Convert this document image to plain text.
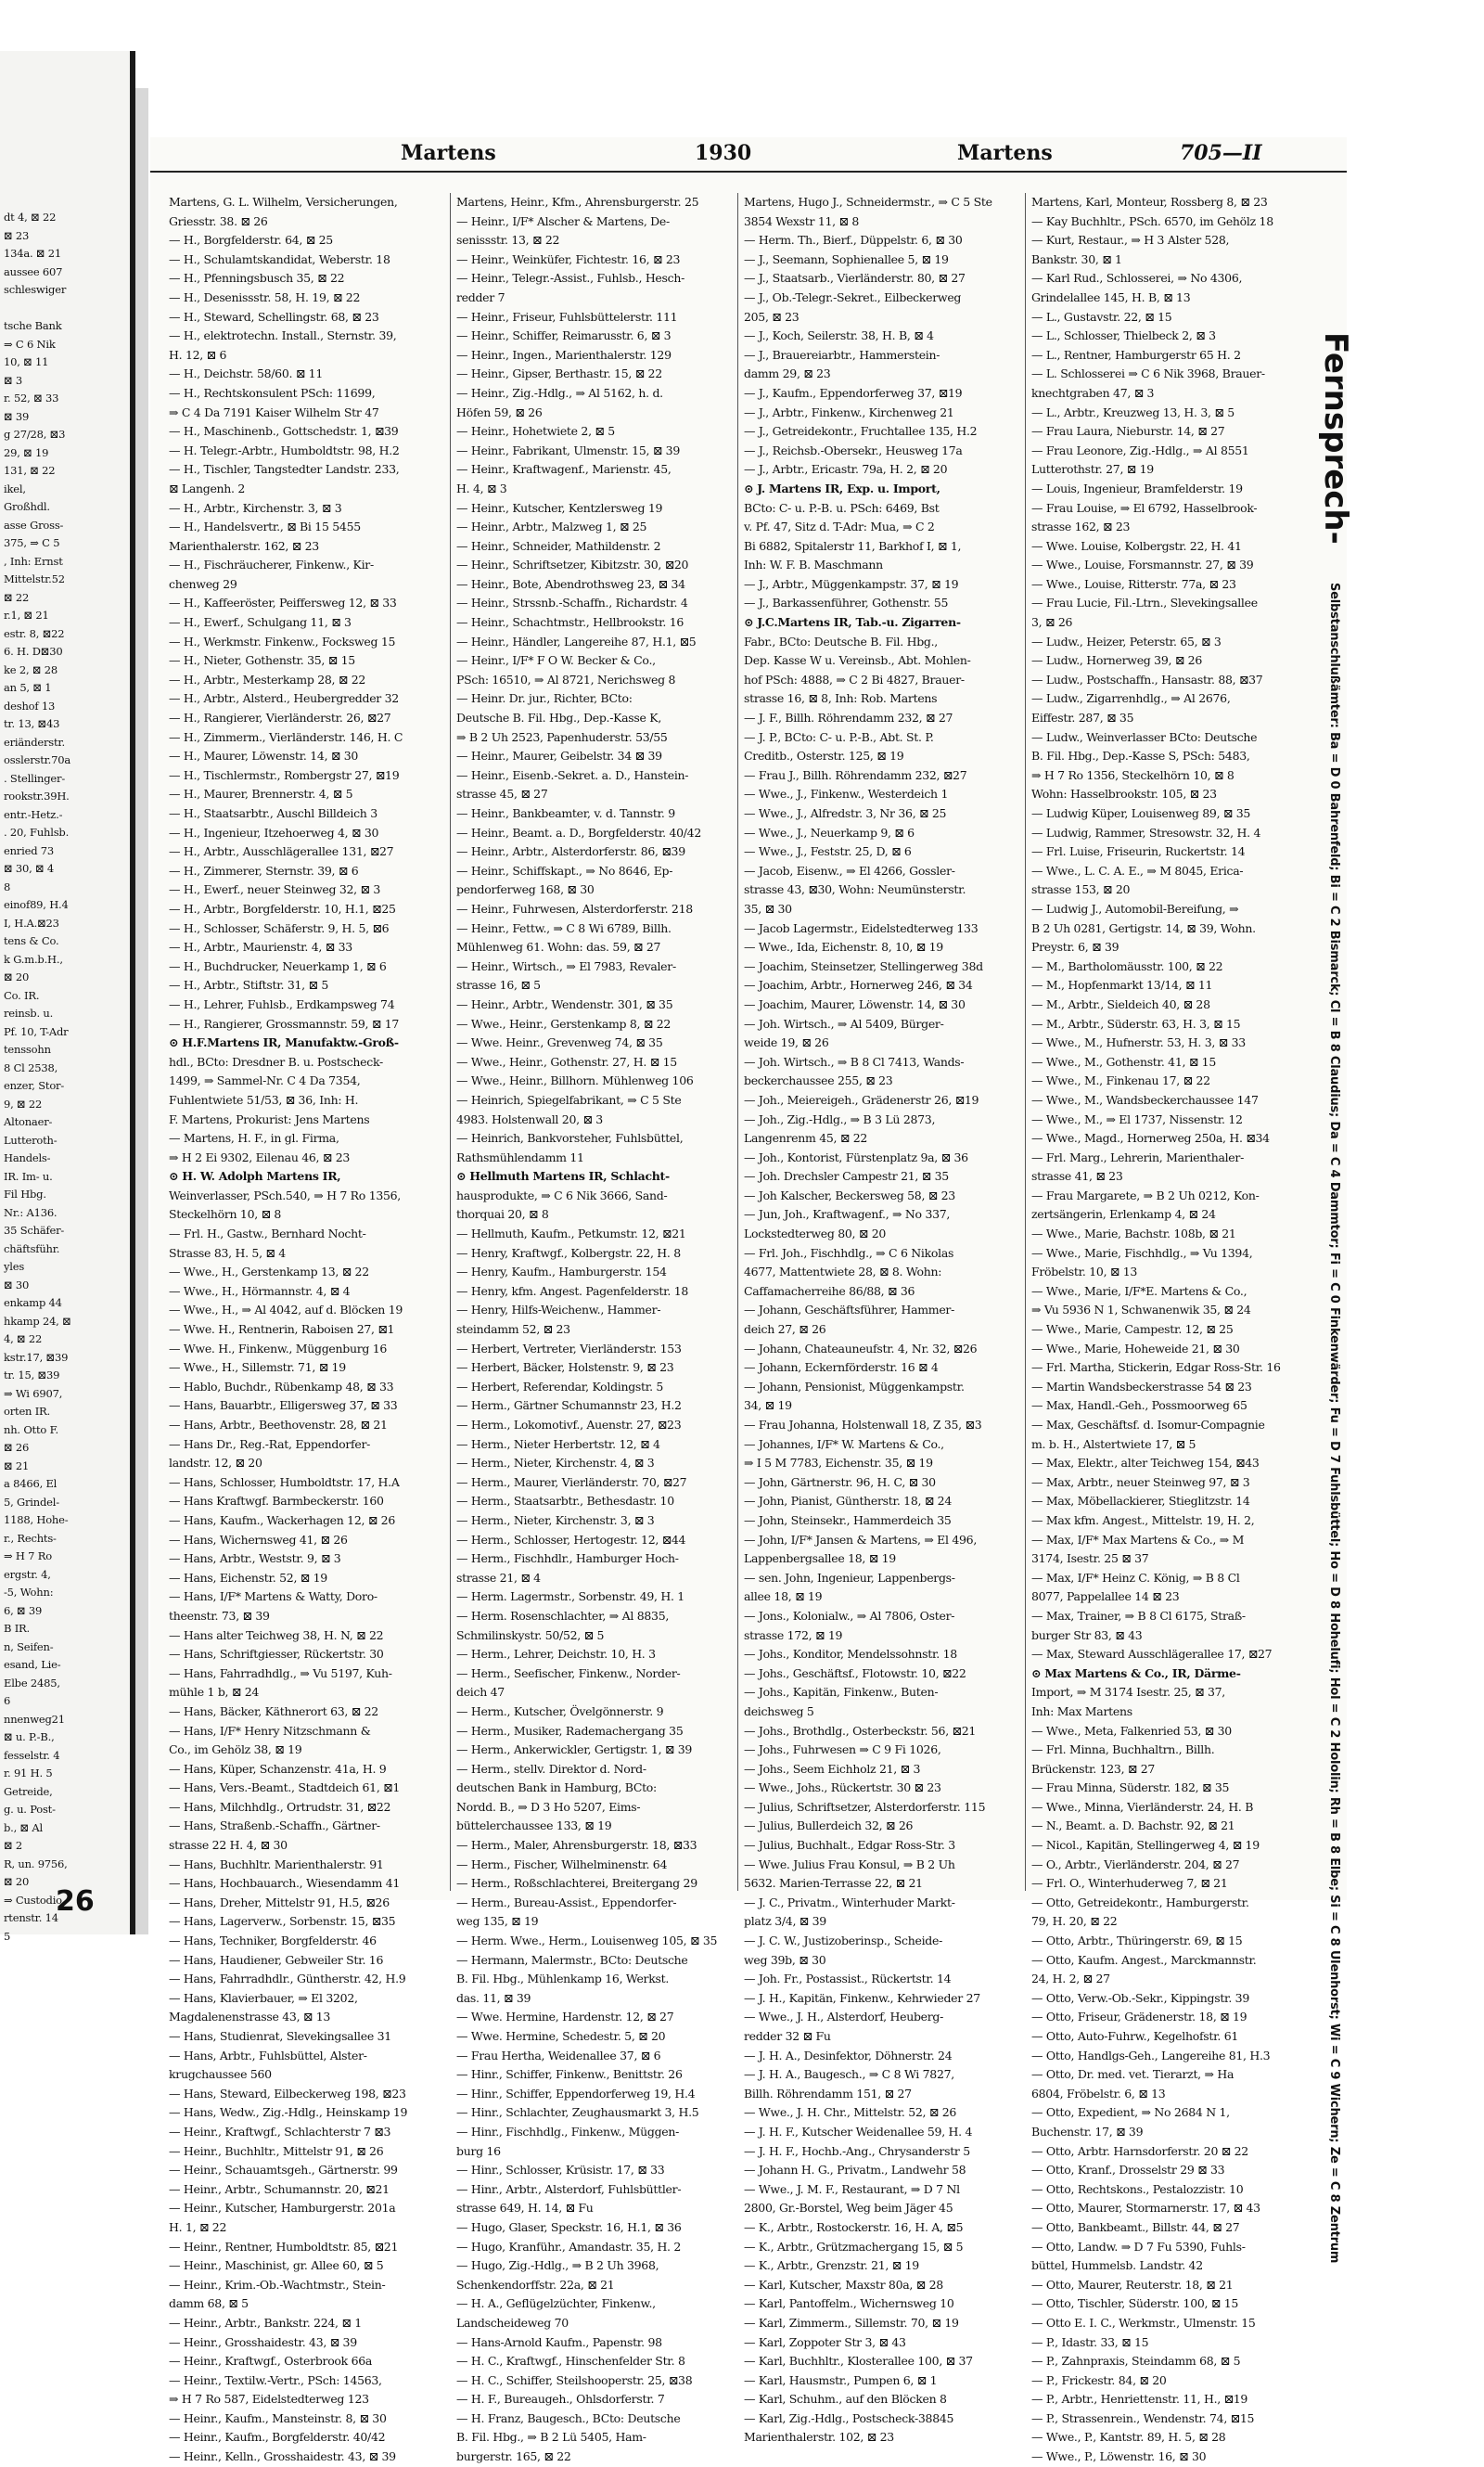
dt 4, ⊠ 22
⊠ 23
134a. ⊠ 21
aussee 607
schleswiger
tsche Bank
⇒ C 6 Nik
10, ⊠ 11
⊠ 3
r. 52, ⊠ 33
⊠ 39
g 27/28, ⊠3
29, ⊠ 19
131, ⊠ 22
ikel,
Großhdl.
asse Gross-
375, ⇒ C 5
, Inh: Ernst
Mittelstr.52
⊠ 22
r.1, ⊠ 21
estr. 8, ⊠22
6. H. D⊠30
ke 2, ⊠ 28
an 5, ⊠ 1
deshof 13
tr. 13, ⊠43
eriänderstr.
osslerstr.70a
. Stellinger-
rookstr.39H.
entr.-Hetz.-
. 20, Fuhlsb.
enried 73
⊠ 30, ⊠ 4
8
einof89, H.4
I, H.A.⊠23
tens & Co.
k G.m.b.H.,
⊠ 20
Co. IR.
reinsb. u.
Pf. 10, T-Adr
tenssohn
8 Cl 2538,
enzer, Stor-
9, ⊠ 22
Altonaer-
Lutteroth-
Handels-
IR. Im- u.
Fil Hbg.
Nr.: A136.
35 Schäfer-
chäftsführ.
yles
⊠ 30
enkamp 44
hkamp 24, ⊠
4, ⊠ 22
kstr.17, ⊠39
tr. 15, ⊠39
⇒ Wi 6907,
orten IR.
nh. Otto F.
⊠ 26
⊠ 21
a 8466, El
5, Grindel-
1188, Hohe-
r., Rechts-
⇒ H 7 Ro
ergstr. 4,
-5, Wohn:
6, ⊠ 39
B IR.
n, Seifen-
esand, Lie-
Elbe 2485,
6
nnenweg21
⊠ u. P.-B.,
fesselstr. 4
r. 91 H. 5
Getreide,
g. u. Post-
b., ⊠ Al
⊠ 2
R, un. 9756,
⊠ 20
⇒ Custodio
rtenstr. 14
5
26
Martens	1930	Martens	705—II
Martens, G. L. Wilhelm, Versicherungen,
Griesstr. 38. ⊠ 26
— H., Borgfelderstr. 64, ⊠ 25
— H., Schulamtskandidat, Weberstr. 18
— H., Pfenningsbusch 35, ⊠ 22
— H., Desenissstr. 58, H. 19, ⊠ 22
— H., Steward, Schellingstr. 68, ⊠ 23
— H., elektrotechn. Install., Sternstr. 39,
H. 12, ⊠ 6
— H., Deichstr. 58/60. ⊠ 11
— H., Rechtskonsulent PSch: 11699,
⇒ C 4 Da 7191 Kaiser Wilhelm Str 47
— H., Maschinenb., Gottschedstr. 1, ⊠39
— H. Telegr.-Arbtr., Humboldtstr. 98, H.2
— H., Tischler, Tangstedter Landstr. 233,
⊠ Langenh. 2
— H., Arbtr., Kirchenstr. 3, ⊠ 3
— H., Handelsvertr., ⊠ Bi 15 5455
Marienthalerstr. 162, ⊠ 23
— H., Fischräucherer, Finkenw., Kir-
chenweg 29
— H., Kaffeeröster, Peiffersweg 12, ⊠ 33
— H., Ewerf., Schulgang 11, ⊠ 3
— H., Werkmstr. Finkenw., Focksweg 15
— H., Nieter, Gothenstr. 35, ⊠ 15
— H., Arbtr., Mesterkamp 28, ⊠ 22
— H., Arbtr., Alsterd., Heubergredder 32
— H., Rangierer, Vierländerstr. 26, ⊠27
— H., Zimmerm., Vierländerstr. 146, H. C
— H., Maurer, Löwenstr. 14, ⊠ 30
— H., Tischlermstr., Rombergstr 27, ⊠19
— H., Maurer, Brennerstr. 4, ⊠ 5
— H., Staatsarbtr., Auschl Billdeich 3
— H., Ingenieur, Itzehoerweg 4, ⊠ 30
— H., Arbtr., Ausschlägerallee 131, ⊠27
— H., Zimmerer, Sternstr. 39, ⊠ 6
— H., Ewerf., neuer Steinweg 32, ⊠ 3
— H., Arbtr., Borgfelderstr. 10, H.1, ⊠25
— H., Schlosser, Schäferstr. 9, H. 5, ⊠6
— H., Arbtr., Maurienstr. 4, ⊠ 33
— H., Buchdrucker, Neuerkamp 1, ⊠ 6
— H., Arbtr., Stiftstr. 31, ⊠ 5
— H., Lehrer, Fuhlsb., Erdkampsweg 74
— H., Rangierer, Grossmannstr. 59, ⊠ 17
⊙ H.F.Martens IR, Manufaktw.-Groß-
hdl., BCto: Dresdner B. u. Postscheck-
1499, ⇒ Sammel-Nr. C 4 Da 7354,
Fuhlentwiete 51/53, ⊠ 36, Inh: H.
F. Martens, Prokurist: Jens Martens
— Martens, H. F., in gl. Firma,
⇒ H 2 Ei 9302, Eilenau 46, ⊠ 23
⊙ H. W. Adolph Martens IR,
Weinverlasser, PSch.540, ⇒ H 7 Ro 1356,
Steckelhörn 10, ⊠ 8
— Frl. H., Gastw., Bernhard Nocht-
Strasse 83, H. 5, ⊠ 4
— Wwe., H., Gerstenkamp 13, ⊠ 22
— Wwe., H., Hörmannstr. 4, ⊠ 4
— Wwe., H., ⇒ Al 4042, auf d. Blöcken 19
— Wwe. H., Rentnerin, Raboisen 27, ⊠1
— Wwe. H., Finkenw., Müggenburg 16
— Wwe., H., Sillemstr. 71, ⊠ 19
— Hablo, Buchdr., Rübenkamp 48, ⊠ 33
— Hans, Bauarbtr., Elligersweg 37, ⊠ 33
— Hans, Arbtr., Beethovenstr. 28, ⊠ 21
— Hans Dr., Reg.-Rat, Eppendorfer-
landstr. 12, ⊠ 20
— Hans, Schlosser, Humboldtstr. 17, H.A
— Hans Kraftwgf. Barmbeckerstr. 160
— Hans, Kaufm., Wackerhagen 12, ⊠ 26
— Hans, Wichernsweg 41, ⊠ 26
— Hans, Arbtr., Weststr. 9, ⊠ 3
— Hans, Eichenstr. 52, ⊠ 19
— Hans, I/F* Martens & Watty, Doro-
theenstr. 73, ⊠ 39
— Hans alter Teichweg 38, H. N, ⊠ 22
— Hans, Schriftgiesser, Rückertstr. 30
— Hans, Fahrradhdlg., ⇒ Vu 5197, Kuh-
mühle 1 b, ⊠ 24
— Hans, Bäcker, Käthnerort 63, ⊠ 22
— Hans, I/F* Henry Nitzschmann &
Co., im Gehölz 38, ⊠ 19
— Hans, Küper, Schanzenstr. 41a, H. 9
— Hans, Vers.-Beamt., Stadtdeich 61, ⊠1
— Hans, Milchhdlg., Ortrudstr. 31, ⊠22
— Hans, Straßenb.-Schaffn., Gärtner-
strasse 22 H. 4, ⊠ 30
— Hans, Buchhltr. Marienthalerstr. 91
— Hans, Hochbauarch., Wiesendamm 41
— Hans, Dreher, Mittelstr 91, H.5, ⊠26
— Hans, Lagerverw., Sorbenstr. 15, ⊠35
— Hans, Techniker, Borgfelderstr. 46
— Hans, Haudiener, Gebweiler Str. 16
— Hans, Fahrradhdlr., Güntherstr. 42, H.9
— Hans, Klavierbauer, ⇒ El 3202,
Magdalenenstrasse 43, ⊠ 13
— Hans, Studienrat, Slevekingsallee 31
— Hans, Arbtr., Fuhlsbüttel, Alster-
krugchaussee 560
— Hans, Steward, Eilbeckerweg 198, ⊠23
— Hans, Wedw., Zig.-Hdlg., Heinskamp 19
— Heinr., Kraftwgf., Schlachterstr 7 ⊠3
— Heinr., Buchhltr., Mittelstr 91, ⊠ 26
— Heinr., Schauamtsgeh., Gärtnerstr. 99
— Heinr., Arbtr., Schumannstr. 20, ⊠21
— Heinr., Kutscher, Hamburgerstr. 201a
H. 1, ⊠ 22
— Heinr., Rentner, Humboldtstr. 85, ⊠21
— Heinr., Maschinist, gr. Allee 60, ⊠ 5
— Heinr., Krim.-Ob.-Wachtmstr., Stein-
damm 68, ⊠ 5
— Heinr., Arbtr., Bankstr. 224, ⊠ 1
— Heinr., Grosshaidestr. 43, ⊠ 39
— Heinr., Kraftwgf., Osterbrook 66a
— Heinr., Textilw.-Vertr., PSch: 14563,
⇒ H 7 Ro 587, Eidelstedterweg 123
— Heinr., Kaufm., Mansteinstr. 8, ⊠ 30
— Heinr., Kaufm., Borgfelderstr. 40/42
— Heinr., Kelln., Grosshaidestr. 43, ⊠ 39
Martens, Heinr., Kfm., Ahrensburgerstr. 25
— Heinr., I/F* Alscher & Martens, De-
senissstr. 13, ⊠ 22
— Heinr., Weinküfer, Fichtestr. 16, ⊠ 23
— Heinr., Telegr.-Assist., Fuhlsb., Hesch-
redder 7
— Heinr., Friseur, Fuhlsbüttelerstr. 111
— Heinr., Schiffer, Reimarusstr. 6, ⊠ 3
— Heinr., Ingen., Marienthalerstr. 129
— Heinr., Gipser, Berthastr. 15, ⊠ 22
— Heinr., Zig.-Hdlg., ⇒ Al 5162, h. d.
Höfen 59, ⊠ 26
— Heinr., Hohetwiete 2, ⊠ 5
— Heinr., Fabrikant, Ulmenstr. 15, ⊠ 39
— Heinr., Kraftwagenf., Marienstr. 45,
H. 4, ⊠ 3
— Heinr., Kutscher, Kentzlersweg 19
— Heinr., Arbtr., Malzweg 1, ⊠ 25
— Heinr., Schneider, Mathildenstr. 2
— Heinr., Schriftsetzer, Kibitzstr. 30, ⊠20
— Heinr., Bote, Abendrothsweg 23, ⊠ 34
— Heinr., Strssnb.-Schaffn., Richardstr. 4
— Heinr., Schachtmstr., Hellbrookstr. 16
— Heinr., Händler, Langereihe 87, H.1, ⊠5
— Heinr., I/F* F O W. Becker & Co.,
PSch: 16510, ⇒ Al 8721, Nerichsweg 8
— Heinr. Dr. jur., Richter, BCto:
Deutsche B. Fil. Hbg., Dep.-Kasse K,
⇒ B 2 Uh 2523, Papenhuderstr. 53/55
— Heinr., Maurer, Geibelstr. 34 ⊠ 39
— Heinr., Eisenb.-Sekret. a. D., Hanstein-
strasse 45, ⊠ 27
— Heinr., Bankbeamter, v. d. Tannstr. 9
— Heinr., Beamt. a. D., Borgfelderstr. 40/42
— Heinr., Arbtr., Alsterdorferstr. 86, ⊠39
— Heinr., Schiffskapt., ⇒ No 8646, Ep-
pendorferweg 168, ⊠ 30
— Heinr., Fuhrwesen, Alsterdorferstr. 218
— Heinr., Fettw., ⇒ C 8 Wi 6789, Billh.
Mühlenweg 61. Wohn: das. 59, ⊠ 27
— Heinr., Wirtsch., ⇒ El 7983, Revaler-
strasse 16, ⊠ 5
— Heinr., Arbtr., Wendenstr. 301, ⊠ 35
— Wwe., Heinr., Gerstenkamp 8, ⊠ 22
— Wwe. Heinr., Grevenweg 74, ⊠ 35
— Wwe., Heinr., Gothenstr. 27, H. ⊠ 15
— Wwe., Heinr., Billhorn. Mühlenweg 106
— Heinrich, Spiegelfabrikant, ⇒ C 5 Ste
4983. Holstenwall 20, ⊠ 3
— Heinrich, Bankvorsteher, Fuhlsbüttel,
Rathsmühlendamm 11
⊙ Hellmuth Martens IR, Schlacht-
hausprodukte, ⇒ C 6 Nik 3666, Sand-
thorquai 20, ⊠ 8
— Hellmuth, Kaufm., Petkumstr. 12, ⊠21
— Henry, Kraftwgf., Kolbergstr. 22, H. 8
— Henry, Kaufm., Hamburgerstr. 154
— Henry, kfm. Angest. Pagenfelderstr. 18
— Henry, Hilfs-Weichenw., Hammer-
steindamm 52, ⊠ 23
— Herbert, Vertreter, Vierländerstr. 153
— Herbert, Bäcker, Holstenstr. 9, ⊠ 23
— Herbert, Referendar, Koldingstr. 5
— Herm., Gärtner Schumannstr 23, H.2
— Herm., Lokomotivf., Auenstr. 27, ⊠23
— Herm., Nieter Herbertstr. 12, ⊠ 4
— Herm., Nieter, Kirchenstr. 4, ⊠ 3
— Herm., Maurer, Vierländerstr. 70, ⊠27
— Herm., Staatsarbtr., Bethesdastr. 10
— Herm., Nieter, Kirchenstr. 3, ⊠ 3
— Herm., Schlosser, Hertogestr. 12, ⊠44
— Herm., Fischhdlr., Hamburger Hoch-
strasse 21, ⊠ 4
— Herm. Lagermstr., Sorbenstr. 49, H. 1
— Herm. Rosenschlachter, ⇒ Al 8835,
Schmilinskystr. 50/52, ⊠ 5
— Herm., Lehrer, Deichstr. 10, H. 3
— Herm., Seefischer, Finkenw., Norder-
deich 47
— Herm., Kutscher, Övelgönnerstr. 9
— Herm., Musiker, Rademachergang 35
— Herm., Ankerwickler, Gertigstr. 1, ⊠ 39
— Herm., stellv. Direktor d. Nord-
deutschen Bank in Hamburg, BCto:
Nordd. B., ⇒ D 3 Ho 5207, Eims-
büttelerchaussee 133, ⊠ 19
— Herm., Maler, Ahrensburgerstr. 18, ⊠33
— Herm., Fischer, Wilhelminenstr. 64
— Herm., Roßschlachterei, Breitergang 29
— Herm., Bureau-Assist., Eppendorfer-
weg 135, ⊠ 19
— Herm. Wwe., Herm., Louisenweg 105, ⊠ 35
— Hermann, Malermstr., BCto: Deutsche
B. Fil. Hbg., Mühlenkamp 16, Werkst.
das. 11, ⊠ 39
— Wwe. Hermine, Hardenstr. 12, ⊠ 27
— Wwe. Hermine, Schedestr. 5, ⊠ 20
— Frau Hertha, Weidenallee 37, ⊠ 6
— Hinr., Schiffer, Finkenw., Benittstr. 26
— Hinr., Schiffer, Eppendorferweg 19, H.4
— Hinr., Schlachter, Zeughausmarkt 3, H.5
— Hinr., Fischhdlg., Finkenw., Müggen-
burg 16
— Hinr., Schlosser, Krüsistr. 17, ⊠ 33
— Hinr., Arbtr., Alsterdorf, Fuhlsbüttler-
strasse 649, H. 14, ⊠ Fu
— Hugo, Glaser, Speckstr. 16, H.1, ⊠ 36
— Hugo, Kranführ., Amandastr. 35, H. 2
— Hugo, Zig.-Hdlg., ⇒ B 2 Uh 3968,
Schenkendorffstr. 22a, ⊠ 21
— H. A., Geflügelzüchter, Finkenw.,
Landscheideweg 70
— Hans-Arnold Kaufm., Papenstr. 98
— H. C., Kraftwgf., Hinschenfelder Str. 8
— H. C., Schiffer, Steilshooperstr. 25, ⊠38
— H. F., Bureaugeh., Ohlsdorferstr. 7
— H. Franz, Baugesch., BCto: Deutsche
B. Fil. Hbg., ⇒ B 2 Lü 5405, Ham-
burgerstr. 165, ⊠ 22
Martens, Hugo J., Schneidermstr., ⇒ C 5 Ste
3854 Wexstr 11, ⊠ 8
— Herm. Th., Bierf., Düppelstr. 6, ⊠ 30
— J., Seemann, Sophienallee 5, ⊠ 19
— J., Staatsarb., Vierländerstr. 80, ⊠ 27
— J., Ob.-Telegr.-Sekret., Eilbeckerweg
205, ⊠ 23
— J., Koch, Seilerstr. 38, H. B, ⊠ 4
— J., Brauereiarbtr., Hammerstein-
damm 29, ⊠ 23
— J., Kaufm., Eppendorferweg 37, ⊠19
— J., Arbtr., Finkenw., Kirchenweg 21
— J., Getreidekontr., Fruchtallee 135, H.2
— J., Reichsb.-Obersekr., Heusweg 17a
— J., Arbtr., Ericastr. 79a, H. 2, ⊠ 20
⊙ J. Martens IR, Exp. u. Import,
BCto: C- u. P.-B. u. PSch: 6469, Bst
v. Pf. 47, Sitz d. T-Adr: Mua, ⇒ C 2
Bi 6882, Spitalerstr 11, Barkhof I, ⊠ 1,
Inh: W. F. B. Maschmann
— J., Arbtr., Müggenkampstr. 37, ⊠ 19
— J., Barkassenführer, Gothenstr. 55
⊙ J.C.Martens IR, Tab.-u. Zigarren-
Fabr., BCto: Deutsche B. Fil. Hbg.,
Dep. Kasse W u. Vereinsb., Abt. Mohlen-
hof PSch: 4888, ⇒ C 2 Bi 4827, Brauer-
strasse 16, ⊠ 8, Inh: Rob. Martens
— J. F., Billh. Röhrendamm 232, ⊠ 27
— J. P., BCto: C- u. P.-B., Abt. St. P.
Creditb., Osterstr. 125, ⊠ 19
— Frau J., Billh. Röhrendamm 232, ⊠27
— Wwe., J., Finkenw., Westerdeich 1
— Wwe., J., Alfredstr. 3, Nr 36, ⊠ 25
— Wwe., J., Neuerkamp 9, ⊠ 6
— Wwe., J., Feststr. 25, D, ⊠ 6
— Jacob, Eisenw., ⇒ El 4266, Gossler-
strasse 43, ⊠30, Wohn: Neumünsterstr.
35, ⊠ 30
— Jacob Lagermstr., Eidelstedterweg 133
— Wwe., Ida, Eichenstr. 8, 10, ⊠ 19
— Joachim, Steinsetzer, Stellingerweg 38d
— Joachim, Arbtr., Hornerweg 246, ⊠ 34
— Joachim, Maurer, Löwenstr. 14, ⊠ 30
— Joh. Wirtsch., ⇒ Al 5409, Bürger-
weide 19, ⊠ 26
— Joh. Wirtsch., ⇒ B 8 Cl 7413, Wands-
beckerchaussee 255, ⊠ 23
— Joh., Meiereigeh., Grädenerstr 26, ⊠19
— Joh., Zig.-Hdlg., ⇒ B 3 Lü 2873,
Langenrenm 45, ⊠ 22
— Joh., Kontorist, Fürstenplatz 9a, ⊠ 36
— Joh. Drechsler Campestr 21, ⊠ 35
— Joh Kalscher, Beckersweg 58, ⊠ 23
— Jun, Joh., Kraftwagenf., ⇒ No 337,
Lockstedterweg 80, ⊠ 20
— Frl. Joh., Fischhdlg., ⇒ C 6 Nikolas
4677, Mattentwiete 28, ⊠ 8. Wohn:
Caffamacherreihe 86/88, ⊠ 36
— Johann, Geschäftsführer, Hammer-
deich 27, ⊠ 26
— Johann, Chateauneufstr. 4, Nr. 32, ⊠26
— Johann, Eckernförderstr. 16 ⊠ 4
— Johann, Pensionist, Müggenkampstr.
34, ⊠ 19
— Frau Johanna, Holstenwall 18, Z 35, ⊠3
— Johannes, I/F* W. Martens & Co.,
⇒ I 5 M 7783, Eichenstr. 35, ⊠ 19
— John, Gärtnerstr. 96, H. C, ⊠ 30
— John, Pianist, Güntherstr. 18, ⊠ 24
— John, Steinsekr., Hammerdeich 35
— John, I/F* Jansen & Martens, ⇒ El 496,
Lappenbergsallee 18, ⊠ 19
— sen. John, Ingenieur, Lappenbergs-
allee 18, ⊠ 19
— Jons., Kolonialw., ⇒ Al 7806, Oster-
strasse 172, ⊠ 19
— Johs., Konditor, Mendelssohnstr. 18
— Johs., Geschäftsf., Flotowstr. 10, ⊠22
— Johs., Kapitän, Finkenw., Buten-
deichsweg 5
— Johs., Brothdlg., Osterbeckstr. 56, ⊠21
— Johs., Fuhrwesen ⇒ C 9 Fi 1026,
— Johs., Seem Eichholz 21, ⊠ 3
— Wwe., Johs., Rückertstr. 30 ⊠ 23
— Julius, Schriftsetzer, Alsterdorferstr. 115
— Julius, Bullerdeich 32, ⊠ 26
— Julius, Buchhalt., Edgar Ross-Str. 3
— Wwe. Julius Frau Konsul, ⇒ B 2 Uh
5632. Marien-Terrasse 22, ⊠ 21
— J. C., Privatm., Winterhuder Markt-
platz 3/4, ⊠ 39
— J. C. W., Justizoberinsp., Scheide-
weg 39b, ⊠ 30
— Joh. Fr., Postassist., Rückertstr. 14
— J. H., Kapitän, Finkenw., Kehrwieder 27
— Wwe., J. H., Alsterdorf, Heuberg-
redder 32 ⊠ Fu
— J. H. A., Desinfektor, Döhnerstr. 24
— J. H. A., Baugesch., ⇒ C 8 Wi 7827,
Billh. Röhrendamm 151, ⊠ 27
— Wwe., J. H. Chr., Mittelstr. 52, ⊠ 26
— J. H. F., Kutscher Weidenallee 59, H. 4
— J. H. F., Hochb.-Ang., Chrysanderstr 5
— Johann H. G., Privatm., Landwehr 58
— Wwe., J. M. F., Restaurant, ⇒ D 7 Nl
2800, Gr.-Borstel, Weg beim Jäger 45
— K., Arbtr., Rostockerstr. 16, H. A, ⊠5
— K., Arbtr., Grützmachergang 15, ⊠ 5
— K., Arbtr., Grenzstr. 21, ⊠ 19
— Karl, Kutscher, Maxstr 80a, ⊠ 28
— Karl, Pantoffelm., Wichernsweg 10
— Karl, Zimmerm., Sillemstr. 70, ⊠ 19
— Karl, Zoppoter Str 3, ⊠ 43
— Karl, Buchhltr., Klosterallee 100, ⊠ 37
— Karl, Hausmstr., Pumpen 6, ⊠ 1
— Karl, Schuhm., auf den Blöcken 8
— Karl, Zig.-Hdlg., Postscheck-38845
Marienthalerstr. 102, ⊠ 23
Martens, Karl, Monteur, Rossberg 8, ⊠ 23
— Kay Buchhltr., PSch. 6570, im Gehölz 18
— Kurt, Restaur., ⇒ H 3 Alster 528,
Bankstr. 30, ⊠ 1
— Karl Rud., Schlosserei, ⇒ No 4306,
Grindelallee 145, H. B, ⊠ 13
— L., Gustavstr. 22, ⊠ 15
— L., Schlosser, Thielbeck 2, ⊠ 3
— L., Rentner, Hamburgerstr 65 H. 2
— L. Schlosserei ⇒ C 6 Nik 3968, Brauer-
knechtgraben 47, ⊠ 3
— L., Arbtr., Kreuzweg 13, H. 3, ⊠ 5
— Frau Laura, Nieburstr. 14, ⊠ 27
— Frau Leonore, Zig.-Hdlg., ⇒ Al 8551
Lutterothstr. 27, ⊠ 19
— Louis, Ingenieur, Bramfelderstr. 19
— Frau Louise, ⇒ El 6792, Hasselbrook-
strasse 162, ⊠ 23
— Wwe. Louise, Kolbergstr. 22, H. 41
— Wwe., Louise, Forsmannstr. 27, ⊠ 39
— Wwe., Louise, Ritterstr. 77a, ⊠ 23
— Frau Lucie, Fil.-Ltrn., Slevekingsallee
3, ⊠ 26
— Ludw., Heizer, Peterstr. 65, ⊠ 3
— Ludw., Hornerweg 39, ⊠ 26
— Ludw., Postschaffn., Hansastr. 88, ⊠37
— Ludw., Zigarrenhdlg., ⇒ Al 2676,
Eiffestr. 287, ⊠ 35
— Ludw., Weinverlasser BCto: Deutsche
B. Fil. Hbg., Dep.-Kasse S, PSch: 5483,
⇒ H 7 Ro 1356, Steckelhörn 10, ⊠ 8
Wohn: Hasselbrookstr. 105, ⊠ 23
— Ludwig Küper, Louisenweg 89, ⊠ 35
— Ludwig, Rammer, Stresowstr. 32, H. 4
— Frl. Luise, Friseurin, Ruckertstr. 14
— Wwe., L. C. A. E., ⇒ M 8045, Erica-
strasse 153, ⊠ 20
— Ludwig J., Automobil-Bereifung, ⇒
B 2 Uh 0281, Gertigstr. 14, ⊠ 39, Wohn.
Preystr. 6, ⊠ 39
— M., Bartholomäusstr. 100, ⊠ 22
— M., Hopfenmarkt 13/14, ⊠ 11
— M., Arbtr., Sieldeich 40, ⊠ 28
— M., Arbtr., Süderstr. 63, H. 3, ⊠ 15
— Wwe., M., Hufnerstr. 53, H. 3, ⊠ 33
— Wwe., M., Gothenstr. 41, ⊠ 15
— Wwe., M., Finkenau 17, ⊠ 22
— Wwe., M., Wandsbeckerchaussee 147
— Wwe., M., ⇒ El 1737, Nissenstr. 12
— Wwe., Magd., Hornerweg 250a, H. ⊠34
— Frl. Marg., Lehrerin, Marienthaler-
strasse 41, ⊠ 23
— Frau Margarete, ⇒ B 2 Uh 0212, Kon-
zertsängerin, Erlenkamp 4, ⊠ 24
— Wwe., Marie, Bachstr. 108b, ⊠ 21
— Wwe., Marie, Fischhdlg., ⇒ Vu 1394,
Fröbelstr. 10, ⊠ 13
— Wwe., Marie, I/F*E. Martens & Co.,
⇒ Vu 5936 N 1, Schwanenwik 35, ⊠ 24
— Wwe., Marie, Campestr. 12, ⊠ 25
— Wwe., Marie, Hoheweide 21, ⊠ 30
— Frl. Martha, Stickerin, Edgar Ross-Str. 16
— Martin Wandsbeckerstrasse 54 ⊠ 23
— Max, Handl.-Geh., Possmoorweg 65
— Max, Geschäftsf. d. Isomur-Compagnie
m. b. H., Alstertwiete 17, ⊠ 5
— Max, Elektr., alter Teichweg 154, ⊠43
— Max, Arbtr., neuer Steinweg 97, ⊠ 3
— Max, Möbellackierer, Stieglitzstr. 14
— Max kfm. Angest., Mittelstr. 19, H. 2,
— Max, I/F* Max Martens & Co., ⇒ M
3174, Isestr. 25 ⊠ 37
— Max, I/F* Heinz C. König, ⇒ B 8 Cl
8077, Pappelallee 14 ⊠ 23
— Max, Trainer, ⇒ B 8 Cl 6175, Straß-
burger Str 83, ⊠ 43
— Max, Steward Ausschlägerallee 17, ⊠27
⊙ Max Martens & Co., IR, Därme-
Import, ⇒ M 3174 Isestr. 25, ⊠ 37,
Inh: Max Martens
— Wwe., Meta, Falkenried 53, ⊠ 30
— Frl. Minna, Buchhaltrn., Billh.
Brückenstr. 123, ⊠ 27
— Frau Minna, Süderstr. 182, ⊠ 35
— Wwe., Minna, Vierländerstr. 24, H. B
— N., Beamt. a. D. Bachstr. 92, ⊠ 21
— Nicol., Kapitän, Stellingerweg 4, ⊠ 19
— O., Arbtr., Vierländerstr. 204, ⊠ 27
— Frl. O., Winterhuderweg 7, ⊠ 21
— Otto, Getreidekontr., Hamburgerstr.
79, H. 20, ⊠ 22
— Otto, Arbtr., Thüringerstr. 69, ⊠ 15
— Otto, Kaufm. Angest., Marckmannstr.
24, H. 2, ⊠ 27
— Otto, Verw.-Ob.-Sekr., Kippingstr. 39
— Otto, Friseur, Grädenerstr. 18, ⊠ 19
— Otto, Auto-Fuhrw., Kegelhofstr. 61
— Otto, Handlgs-Geh., Langereihe 81, H.3
— Otto, Dr. med. vet. Tierarzt, ⇒ Ha
6804, Fröbelstr. 6, ⊠ 13
— Otto, Expedient, ⇒ No 2684 N 1,
Buchenstr. 17, ⊠ 39
— Otto, Arbtr. Harnsdorferstr. 20 ⊠ 22
— Otto, Kranf., Drosselstr 29 ⊠ 33
— Otto, Rechtskons., Pestalozzistr. 10
— Otto, Maurer, Stormarnerstr. 17, ⊠ 43
— Otto, Bankbeamt., Billstr. 44, ⊠ 27
— Otto, Landw. ⇒ D 7 Fu 5390, Fuhls-
büttel, Hummelsb. Landstr. 42
— Otto, Maurer, Reuterstr. 18, ⊠ 21
— Otto, Tischler, Süderstr. 100, ⊠ 15
— Otto E. I. C., Werkmstr., Ulmenstr. 15
— P., Idastr. 33, ⊠ 15
— P., Zahnpraxis, Steindamm 68, ⊠ 5
— P., Frickestr. 84, ⊠ 20
— P., Arbtr., Henriettenstr. 11, H., ⊠19
— P., Strassenrein., Wendenstr. 74, ⊠15
— Wwe., P., Kantstr. 89, H. 5, ⊠ 28
— Wwe., P., Löwenstr. 16, ⊠ 30
Fernsprech-
Selbstanschlußämter: Ba = D 0 Bahrenfeld; Bi = C 2 Bismarck; Cl = B 8 Claudius; Da = C 4 Dammtor; Fi = C 0 Finkenwärder; Fu = D 7 Fuhlsbüttel; Ho = D 8 Hohelufi; Hol = C 2 Hololin; Rh = B 8 Elbe; Si = C 8 Ulenhorst; Wi = C 9 Wichern; Ze = C 8 Zentrum
